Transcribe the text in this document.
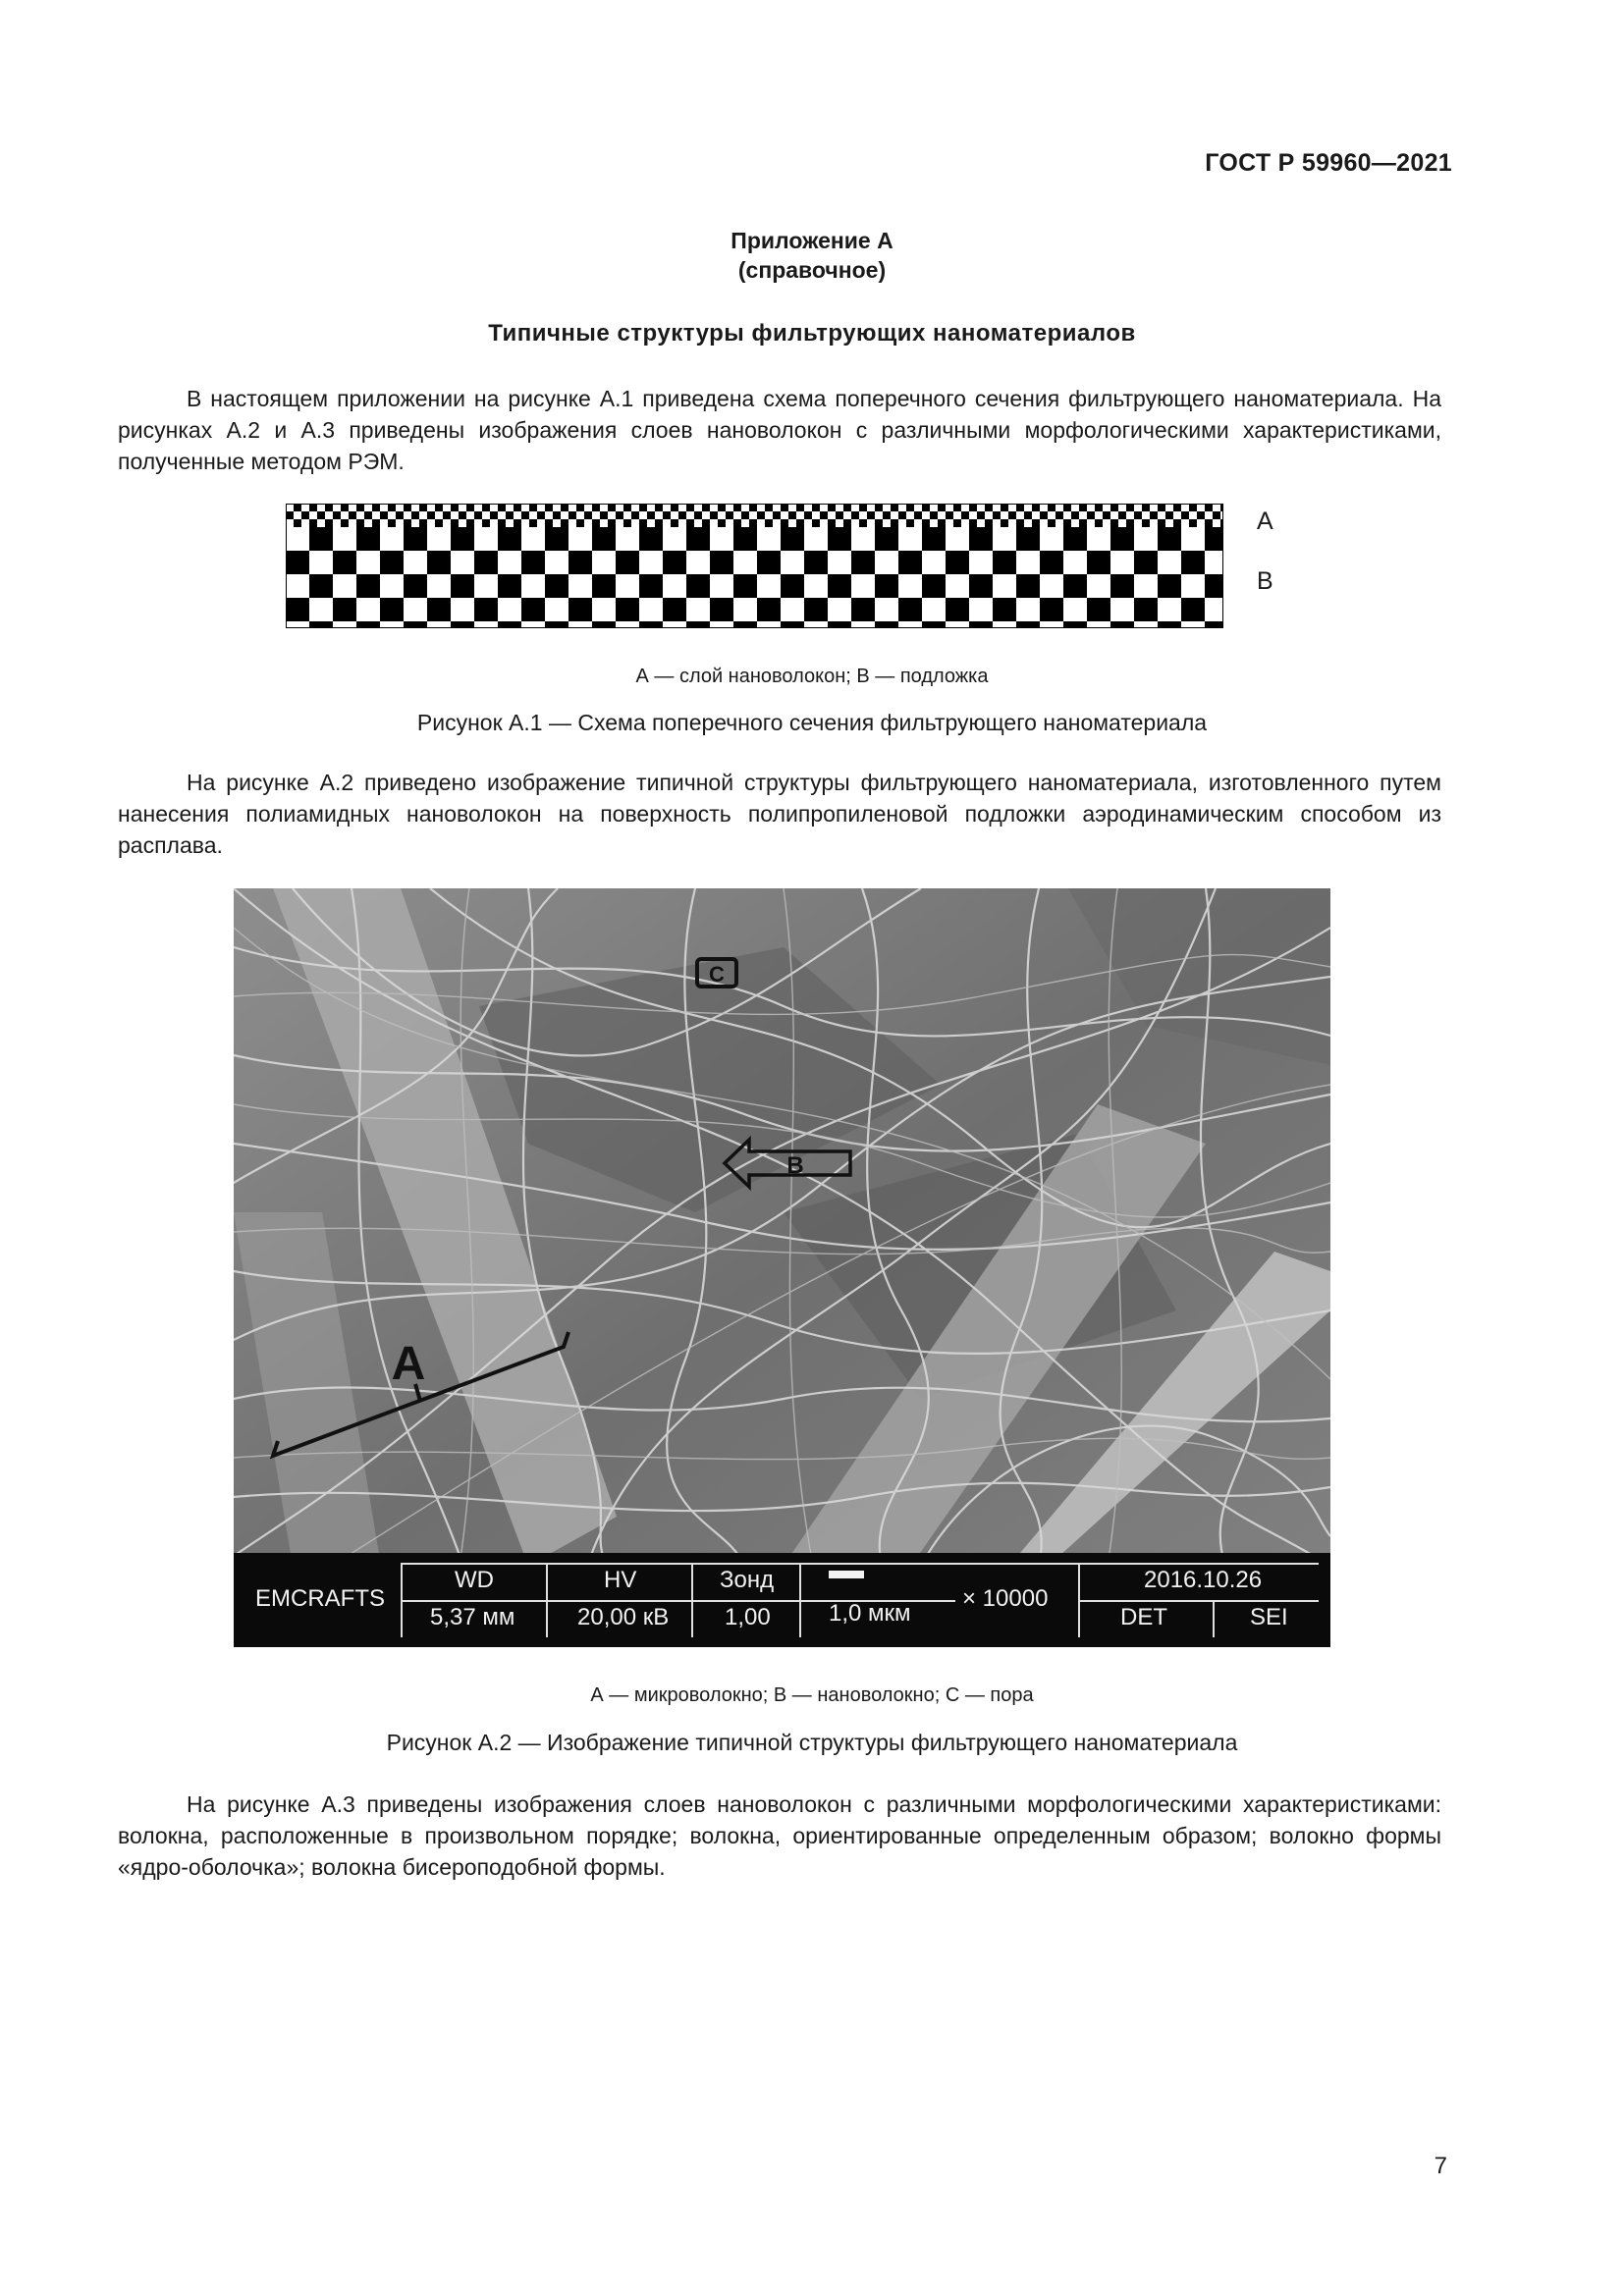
ГОСТ Р 59960—2021
Приложение А
(справочное)
Типичные структуры фильтрующих наноматериалов
В настоящем приложении на рисунке А.1 приведена схема поперечного сечения фильтрующего наноматериала. На рисунках А.2 и А.3 приведены изображения слоев нановолокон с различными морфологическими характеристиками, полученные методом РЭМ.
А
В
А — слой нановолокон; В — подложка
Рисунок А.1 — Схема поперечного сечения фильтрующего наноматериала
На рисунке А.2 приведено изображение типичной структуры фильтрующего наноматериала, изготовленного путем нанесения полиамидных нановолокон на поверхность полипропиленовой подложки аэродинамическим способом из расплава.
С
В
А
EMCRAFTS
WD
5,37 мм
HV
20,00 кВ
Зонд
1,00 1,0 мкм
× 10000
2016.10.26
DET	SEI
А — микроволокно; В — нановолокно; С — пора
Рисунок А.2 — Изображение типичной структуры фильтрующего наноматериала
На рисунке А.3 приведены изображения слоев нановолокон с различными морфологическими характеристиками: волокна, расположенные в произвольном порядке; волокна, ориентированные определенным образом; волокно формы «ядро-оболочка»; волокна бисероподобной формы.
7
